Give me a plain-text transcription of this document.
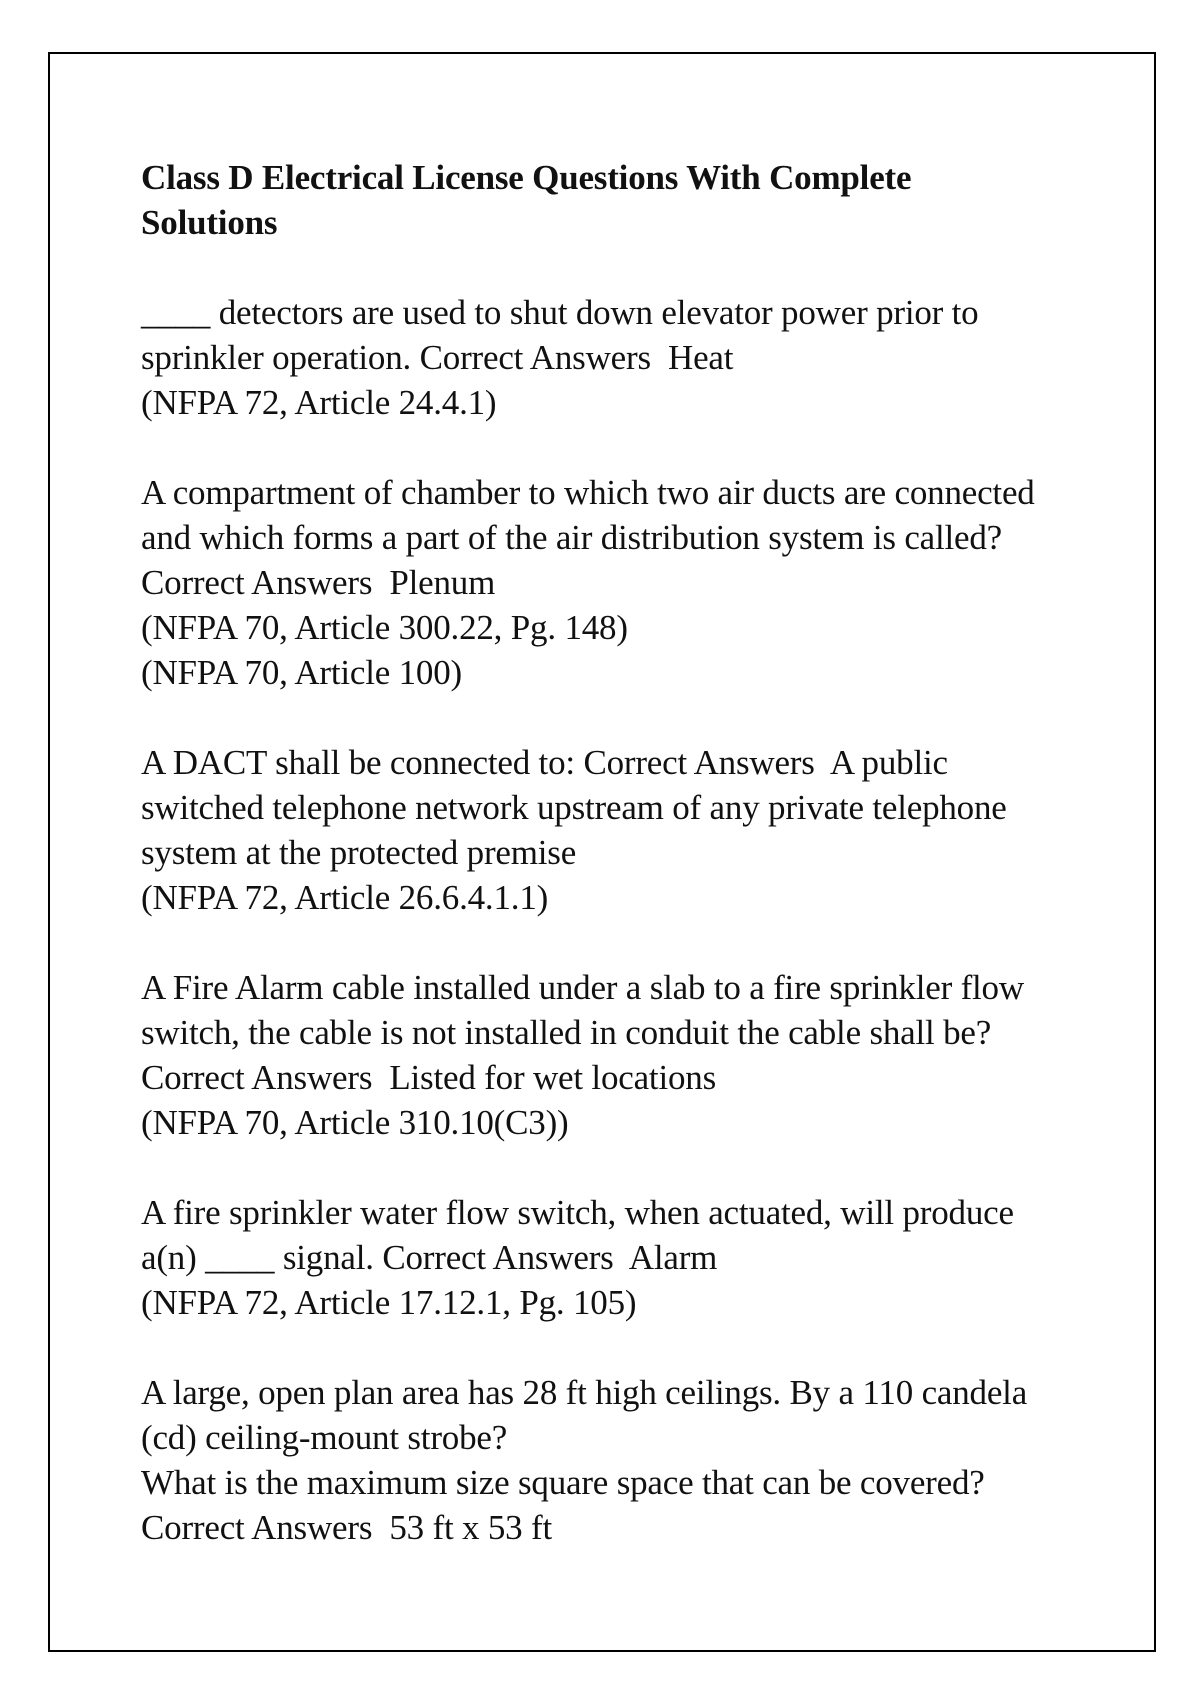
Class D Electrical License Questions With Complete
Solutions
____ detectors are used to shut down elevator power prior to
sprinkler operation. Correct Answers  Heat
(NFPA 72, Article 24.4.1)
A compartment of chamber to which two air ducts are connected
and which forms a part of the air distribution system is called?
Correct Answers  Plenum
(NFPA 70, Article 300.22, Pg. 148)
(NFPA 70, Article 100)
A DACT shall be connected to: Correct Answers  A public
switched telephone network upstream of any private telephone
system at the protected premise
(NFPA 72, Article 26.6.4.1.1)
A Fire Alarm cable installed under a slab to a fire sprinkler flow
switch, the cable is not installed in conduit the cable shall be?
Correct Answers  Listed for wet locations
(NFPA 70, Article 310.10(C3))
A fire sprinkler water flow switch, when actuated, will produce
a(n) ____ signal. Correct Answers  Alarm
(NFPA 72, Article 17.12.1, Pg. 105)
A large, open plan area has 28 ft high ceilings. By a 110 candela
(cd) ceiling-mount strobe?
What is the maximum size square space that can be covered?
Correct Answers  53 ft x 53 ft
